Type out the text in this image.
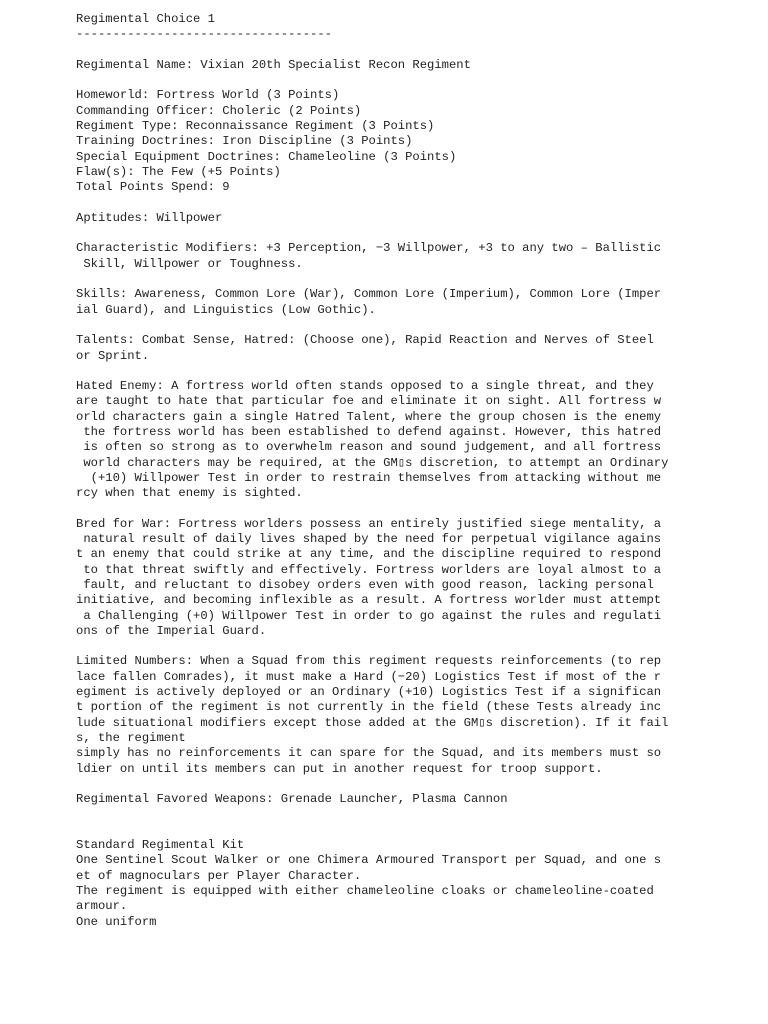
Regimental Choice 1
-----------------------------------
Regimental Name: Vixian 20th Specialist Recon Regiment
Homeworld: Fortress World (3 Points)
Commanding Officer: Choleric (2 Points)
Regiment Type: Reconnaissance Regiment (3 Points)
Training Doctrines: Iron Discipline (3 Points)
Special Equipment Doctrines: Chameleoline (3 Points)
Flaw(s): The Few (+5 Points)
Total Points Spend: 9
Aptitudes: Willpower
Characteristic Modifiers: +3 Perception, −3 Willpower, +3 to any two – Ballistic
Skill, Willpower or Toughness.
Skills: Awareness, Common Lore (War), Common Lore (Imperium), Common Lore (Imper
ial Guard), and Linguistics (Low Gothic).
Talents: Combat Sense, Hatred: (Choose one), Rapid Reaction and Nerves of Steel
or Sprint.
Hated Enemy: A fortress world often stands opposed to a single threat, and they
are taught to hate that particular foe and eliminate it on sight. All fortress w
orld characters gain a single Hatred Talent, where the group chosen is the enemy
the fortress world has been established to defend against. However, this hatred
is often so strong as to overwhelm reason and sound judgement, and all fortress
world characters may be required, at the GM▯s discretion, to attempt an Ordinary
(+10) Willpower Test in order to restrain themselves from attacking without me
rcy when that enemy is sighted.
Bred for War: Fortress worlders possess an entirely justified siege mentality, a
natural result of daily lives shaped by the need for perpetual vigilance agains
t an enemy that could strike at any time, and the discipline required to respond
to that threat swiftly and effectively. Fortress worlders are loyal almost to a
fault, and reluctant to disobey orders even with good reason, lacking personal
initiative, and becoming inflexible as a result. A fortress worlder must attempt
a Challenging (+0) Willpower Test in order to go against the rules and regulati
ons of the Imperial Guard.
Limited Numbers: When a Squad from this regiment requests reinforcements (to rep
lace fallen Comrades), it must make a Hard (−20) Logistics Test if most of the r
egiment is actively deployed or an Ordinary (+10) Logistics Test if a significan
t portion of the regiment is not currently in the field (these Tests already inc
lude situational modifiers except those added at the GM▯s discretion). If it fail
s, the regiment
simply has no reinforcements it can spare for the Squad, and its members must so
ldier on until its members can put in another request for troop support.
Regimental Favored Weapons: Grenade Launcher, Plasma Cannon
Standard Regimental Kit
One Sentinel Scout Walker or one Chimera Armoured Transport per Squad, and one s
et of magnoculars per Player Character.
The regiment is equipped with either chameleoline cloaks or chameleoline-coated
armour.
One uniform
